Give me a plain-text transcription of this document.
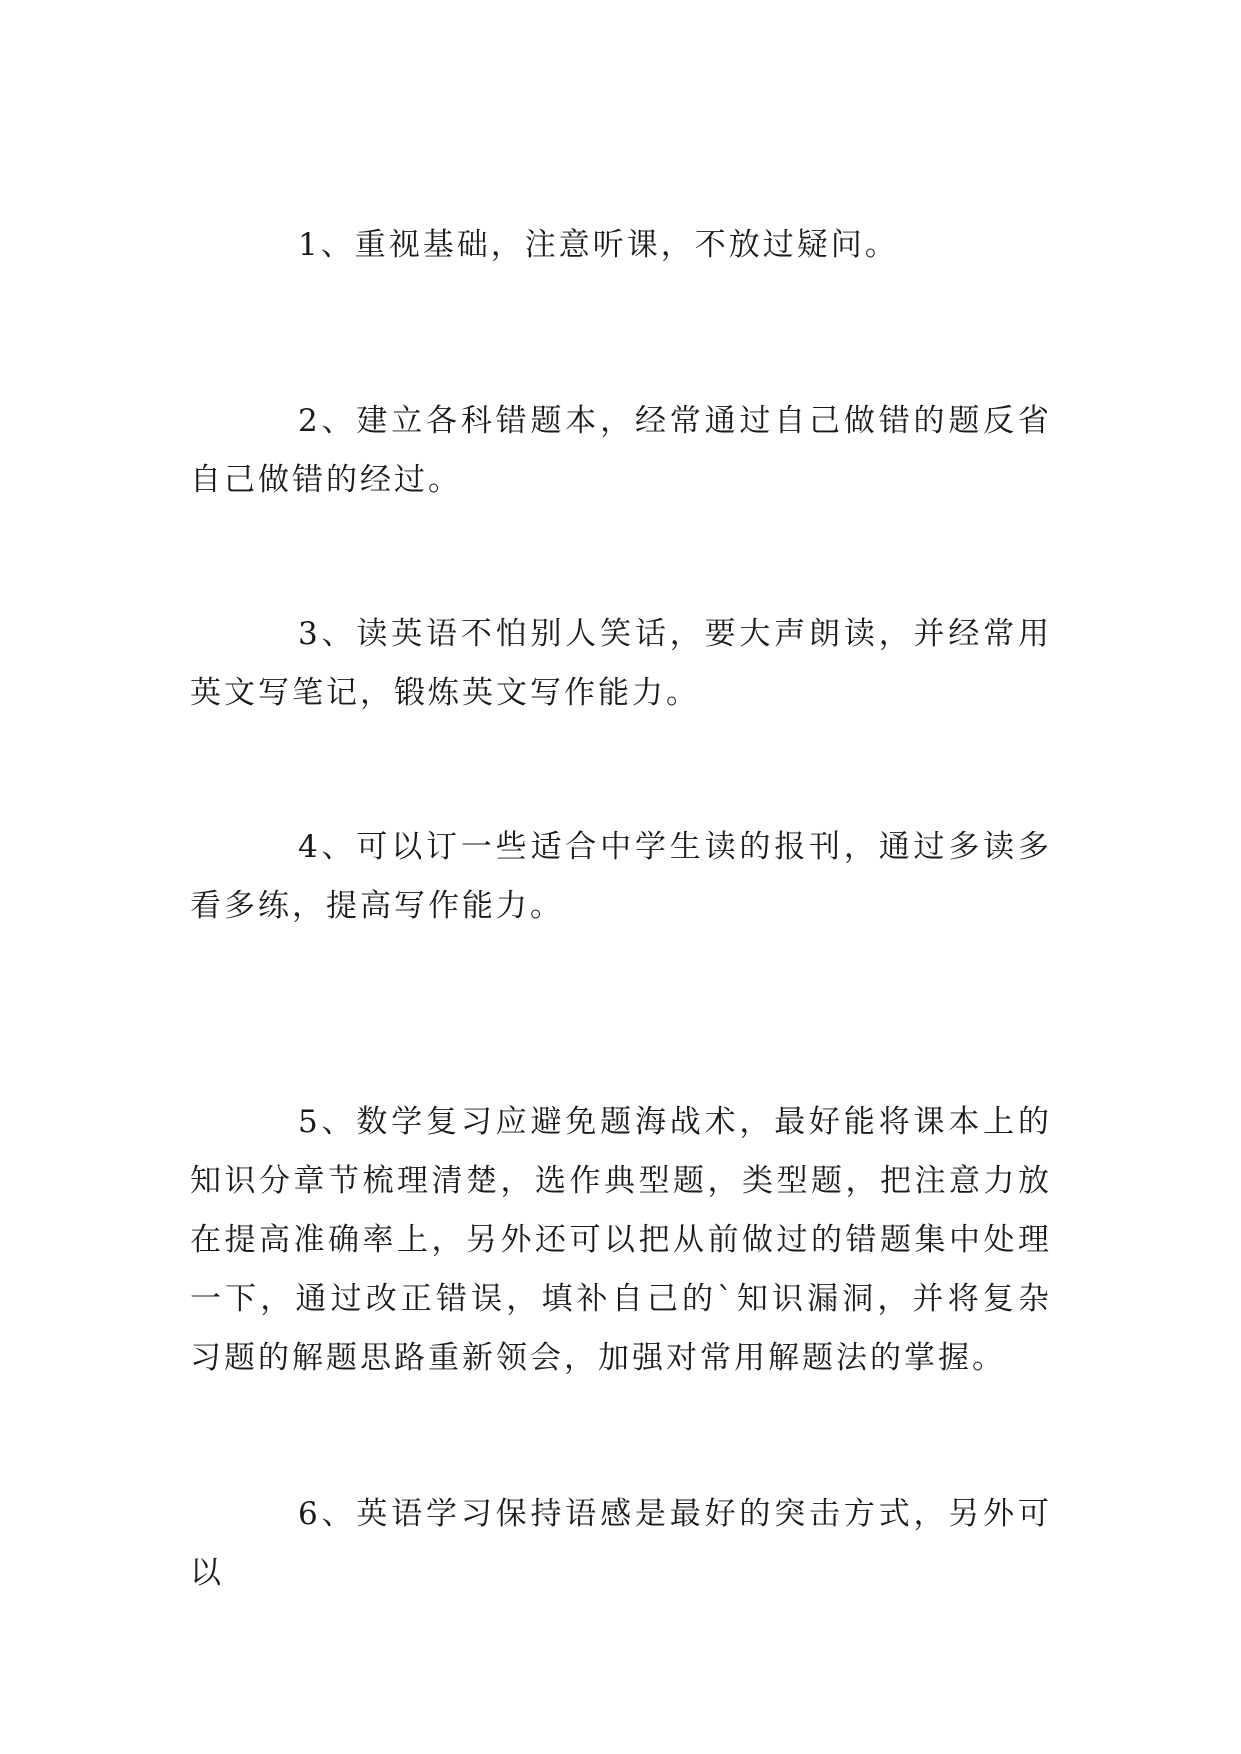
1、重视基础，注意听课，不放过疑问。

2、建立各科错题本，经常通过自己做错的题反省自己做错的经过。

3、读英语不怕别人笑话，要大声朗读，并经常用英文写笔记，锻炼英文写作能力。

4、可以订一些适合中学生读的报刊，通过多读多看多练，提高写作能力。

5、数学复习应避免题海战术，最好能将课本上的知识分章节梳理清楚，选作典型题，类型题，把注意力放在提高准确率上，另外还可以把从前做过的错题集中处理一下，通过改正错误，填补自己的`知识漏洞，并将复杂习题的解题思路重新领会，加强对常用解题法的掌握。

6、英语学习保持语感是最好的突击方式，另外可以
